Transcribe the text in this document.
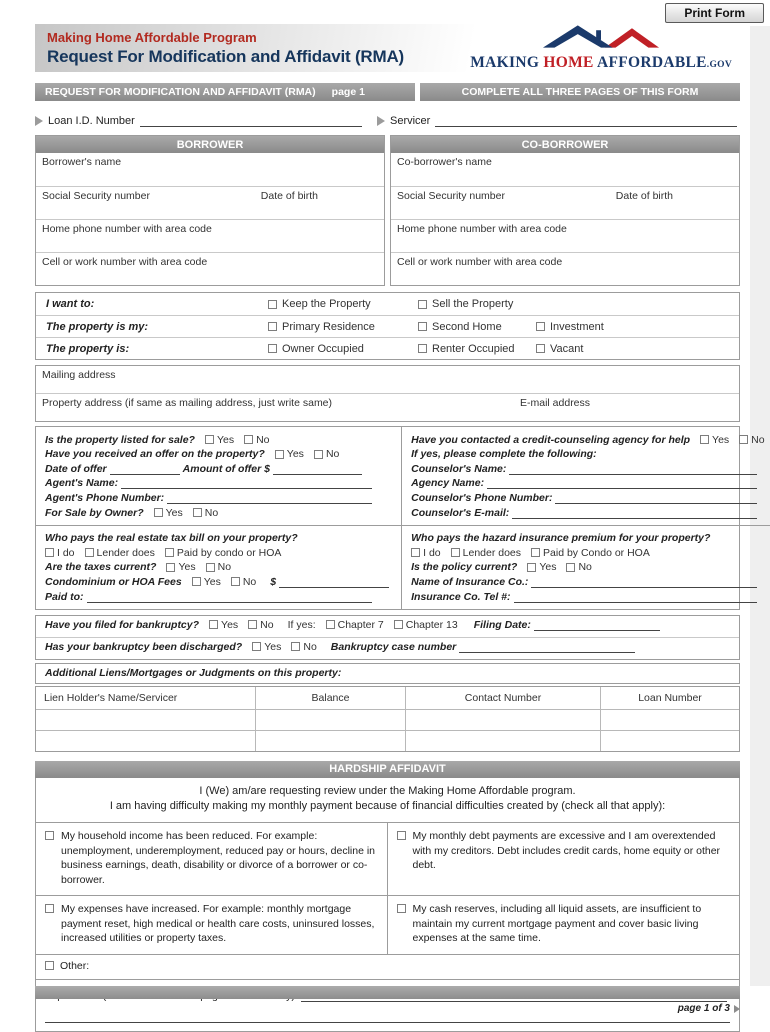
Print Form
Making Home Affordable Program
Request For Modification and Affidavit (RMA)	MAKING HOME AFFORDABLE.GOV
REQUEST FOR MODIFICATION AND AFFIDAVIT (RMA) page 1	COMPLETE ALL THREE PAGES OF THIS FORM
Loan I.D. Number	Servicer
BORROWER
Borrower's name
Social Security number	Date of birth
Home phone number with area code
Cell or work number with area code
CO-BORROWER
Co-borrower's name
Social Security number	Date of birth
Home phone number with area code
Cell or work number with area code
I want to:	Keep the Property	Sell the Property
The property is my:	Primary Residence	Second Home	Investment
The property is:	Owner Occupied	Renter Occupied	Vacant
Mailing address
Property address (if same as mailing address, just write same)	E-mail address
Is the property listed for sale? Yes No
Have you received an offer on the property? Yes No
Date of offer	Amount of offer $
Agent's Name:
Agent's Phone Number:
For Sale by Owner? Yes No
Have you contacted a credit-counseling agency for help Yes No
If yes, please complete the following:
Counselor's Name:
Agency Name:
Counselor's Phone Number:
Counselor's E-mail:
Who pays the real estate tax bill on your property?
I do Lender does Paid by condo or HOA
Are the taxes current? Yes No
Condominium or HOA Fees Yes No $
Paid to:
Who pays the hazard insurance premium for your property?
I do Lender does Paid by Condo or HOA
Is the policy current? Yes No
Name of Insurance Co.:
Insurance Co. Tel #:
Have you filed for bankruptcy? Yes No If yes: Chapter 7 Chapter 13 Filing Date:
Has your bankruptcy been discharged? Yes No Bankruptcy case number
Additional Liens/Mortgages or Judgments on this property:
Lien Holder's Name/Servicer	Balance	Contact Number	Loan Number
HARDSHIP AFFIDAVIT
I (We) am/are requesting review under the Making Home Affordable program.
I am having difficulty making my monthly payment because of financial difficulties created by (check all that apply):
My household income has been reduced. For example: unemployment, underemployment, reduced pay or hours, decline in business earnings, death, disability or divorce of a borrower or co-borrower.
My monthly debt payments are excessive and I am overextended with my creditors. Debt includes credit cards, home equity or other debt.
My expenses have increased. For example: monthly mortgage payment reset, high medical or health care costs, uninsured losses, increased utilities or property taxes.
My cash reserves, including all liquid assets, are insufficient to maintain my current mortgage payment and cover basic living expenses at the same time.
Other:
page 1 of 3
